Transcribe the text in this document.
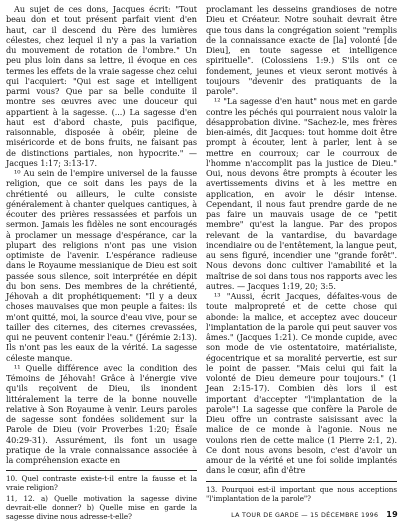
Au sujet de ces dons, Jacques écrit: "Tout beau don et tout présent parfait vient d'en haut, car il descend du Père des lumières célestes, chez lequel il n'y a pas la variation du mouvement de rotation de l'ombre." Un peu plus loin dans sa lettre, il évoque en ces termes les effets de la vraie sagesse chez celui qui l'acquiert: "Qui est sage et intelligent parmi vous? Que par sa belle conduite il montre ses œuvres avec une douceur qui appartient à la sagesse. (...) La sagesse d'en haut est d'abord chaste, puis pacifique, raisonnable, disposée à obéir, pleine de miséricorde et de bons fruits, ne faisant pas de distinctions partiales, non hypocrite." — Jacques 1:17; 3:13-17.

¹⁰ Au sein de l'empire universel de la fausse religion, que ce soit dans les pays de la chrétienté ou ailleurs, le culte consiste généralement à chanter quelques cantiques, à écouter des prières ressassées et parfois un sermon. Jamais les fidèles ne sont encouragés à proclamer un message d'espérance, car la plupart des religions n'ont pas une vision optimiste de l'avenir. L'espérance radieuse dans le Royaume messianique de Dieu est soit passée sous silence, soit interprétée en dépit du bon sens. Des membres de la chrétienté, Jéhovah a dit prophétiquement: "Il y a deux choses mauvaises que mon peuple a faites: ils m'ont quitté, moi, la source d'eau vive, pour se tailler des citernes, des citernes crevassées, qui ne peuvent contenir l'eau." (Jérémie 2:13). Ils n'ont pas les eaux de la vérité. La sagesse céleste manque.

¹¹ Quelle différence avec la condition des Témoins de Jéhovah! Grâce à l'énergie vive qu'ils reçoivent de Dieu, ils inondent littéralement la terre de la bonne nouvelle relative à Son Royaume à venir. Leurs paroles de sagesse sont fondées solidement sur la Parole de Dieu (voir Proverbes 1:20; Ésaïe 40:29-31). Assurément, ils font un usage pratique de la vraie connaissance associée à la compréhension exacte en

10. Quel contraste existe-t-il entre la fausse et la vraie religion?

11, 12. a) Quelle motivation la sagesse divine devrait-elle donner? b) Quelle mise en garde la sagesse divine nous adresse-t-elle?

proclamant les desseins grandioses de notre Dieu et Créateur. Notre souhait devrait être que tous dans la congrégation soient "remplis de la connaissance exacte de [la] volonté [de Dieu], en toute sagesse et intelligence spirituelle". (Colossiens 1:9.) S'ils ont ce fondement, jeunes et vieux seront motivés à toujours "devenir des pratiquants de la parole".

¹² "La sagesse d'en haut" nous met en garde contre les péchés qui pourraient nous valoir la désapprobation divine. "Sachez-le, mes frères bien-aimés, dit Jacques: tout homme doit être prompt à écouter, lent à parler, lent à se mettre en courroux; car le courroux de l'homme n'accomplit pas la justice de Dieu." Oui, nous devons être prompts à écouter les avertissements divins et à les mettre en application, en avoir le désir intense. Cependant, il nous faut prendre garde de ne pas faire un mauvais usage de ce "petit membre" qu'est la langue. Par des propos relevant de la vantardise, du bavardage incendiaire ou de l'entêtement, la langue peut, au sens figuré, incendier une "grande forêt". Nous devons donc cultiver l'amabilité et la maîtrise de soi dans tous nos rapports avec les autres. — Jacques 1:19, 20; 3:5.

¹³ "Aussi, écrit Jacques, défaites-vous de toute malpropreté et de cette chose qui abonde: la malice, et acceptez avec douceur l'implantation de la parole qui peut sauver vos âmes." (Jacques 1:21). Ce monde cupide, avec son mode de vie ostentatoire, matérialiste, égocentrique et sa moralité pervertie, est sur le point de passer. "Mais celui qui fait la volonté de Dieu demeure pour toujours." (1 Jean 2:15-17). Combien dès lors il est important d'accepter "l'implantation de la parole"! La sagesse que confère la Parole de Dieu offre un contraste saisissant avec la malice de ce monde à l'agonie. Nous ne voulons rien de cette malice (1 Pierre 2:1, 2). Ce dont nous avons besoin, c'est d'avoir un amour de la vérité et une foi solide implantés dans le cœur, afin d'être

13. Pourquoi est-il important que nous acceptions "l'implantation de la parole"?

LA TOUR DE GARDE — 15 DÉCEMBRE 1996 19
